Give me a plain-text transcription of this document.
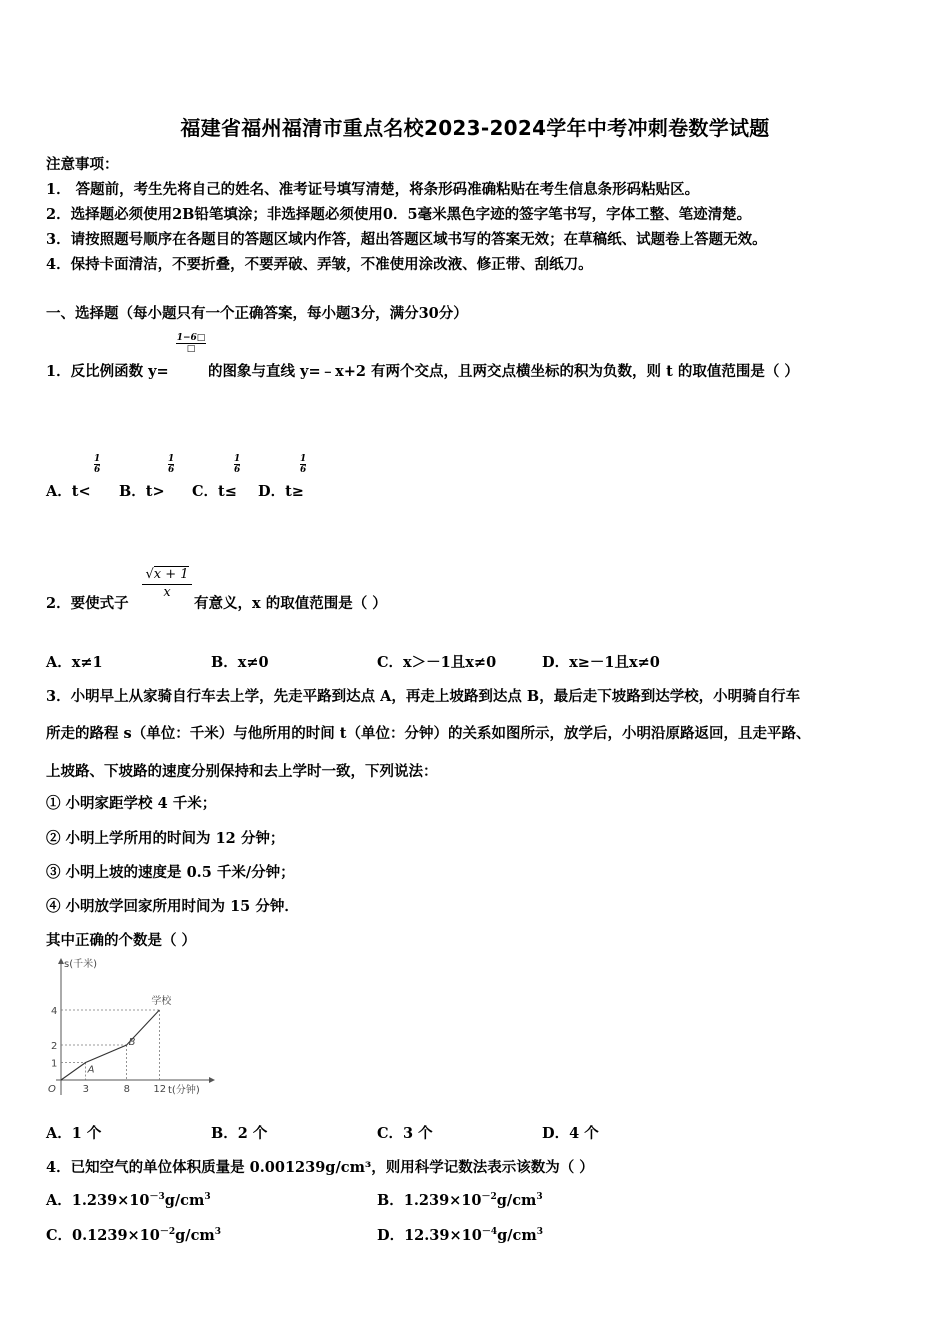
福建省福州福清市重点名校2023-2024学年中考冲刺卷数学试题
注意事项：
1． 答题前，考生先将自己的姓名、准考证号填写清楚，将条形码准确粘贴在考生信息条形码粘贴区。
2．选择题必须使用2B铅笔填涂；非选择题必须使用0．5毫米黑色字迹的签字笔书写，字体工整、笔迹清楚。
3．请按照题号顺序在各题目的答题区域内作答，超出答题区域书写的答案无效；在草稿纸、试题卷上答题无效。
4．保持卡面清洁，不要折叠，不要弄破、弄皱，不准使用涂改液、修正带、刮纸刀。
一、选择题（每小题只有一个正确答案，每小题3分，满分30分）
1．反比例函数 y=
1−6□
□
的图象与直线 y=﹣x+2 有两个交点，且两交点横坐标的积为负数，则 t 的取值范围是（ ）
A．t<
$\frac{1}{6}$
B．t>
$\frac{1}{6}$
C．t≤
$\frac{1}{6}$
D．t≥
$\frac{1}{6}$
2．要使式子
$\frac{√x + 1}{x}$
有意义，x 的取值范围是（ ）
A．x≠1	B．x≠0	C．x＞－1且x≠0	D．x≥－1且x≠0
3．小明早上从家骑自行车去上学，先走平路到达点 A，再走上坡路到达点 B，最后走下坡路到达学校，小明骑自行车
所走的路程 s（单位：千米）与他所用的时间 t（单位：分钟）的关系如图所示，放学后，小明沿原路返回，且走平路、
上坡路、下坡路的速度分别保持和去上学时一致，下列说法：
① 小明家距学校 4 千米；
② 小明上学所用的时间为 12 分钟；
③ 小明上坡的速度是 0.5 千米/分钟；
④ 小明放学回家所用时间为 15 分钟．
其中正确的个数是（ ）
3	8 12
1
2
4
A
B
学校
s(千米)
t(分钟)
O
A．1 个	B．2 个	C．3 个	D．4 个
4．已知空气的单位体积质量是 0.001239g/cm³，则用科学记数法表示该数为（ ）
A．$1.239\times 10^{-3}g/cm^3$	B．$1.239\times 10^{-2}g/cm^3$
C．$0.1239\times 10^{-2}g/cm^3$	D．$12.39\times 10^{-4}g/cm^3$
